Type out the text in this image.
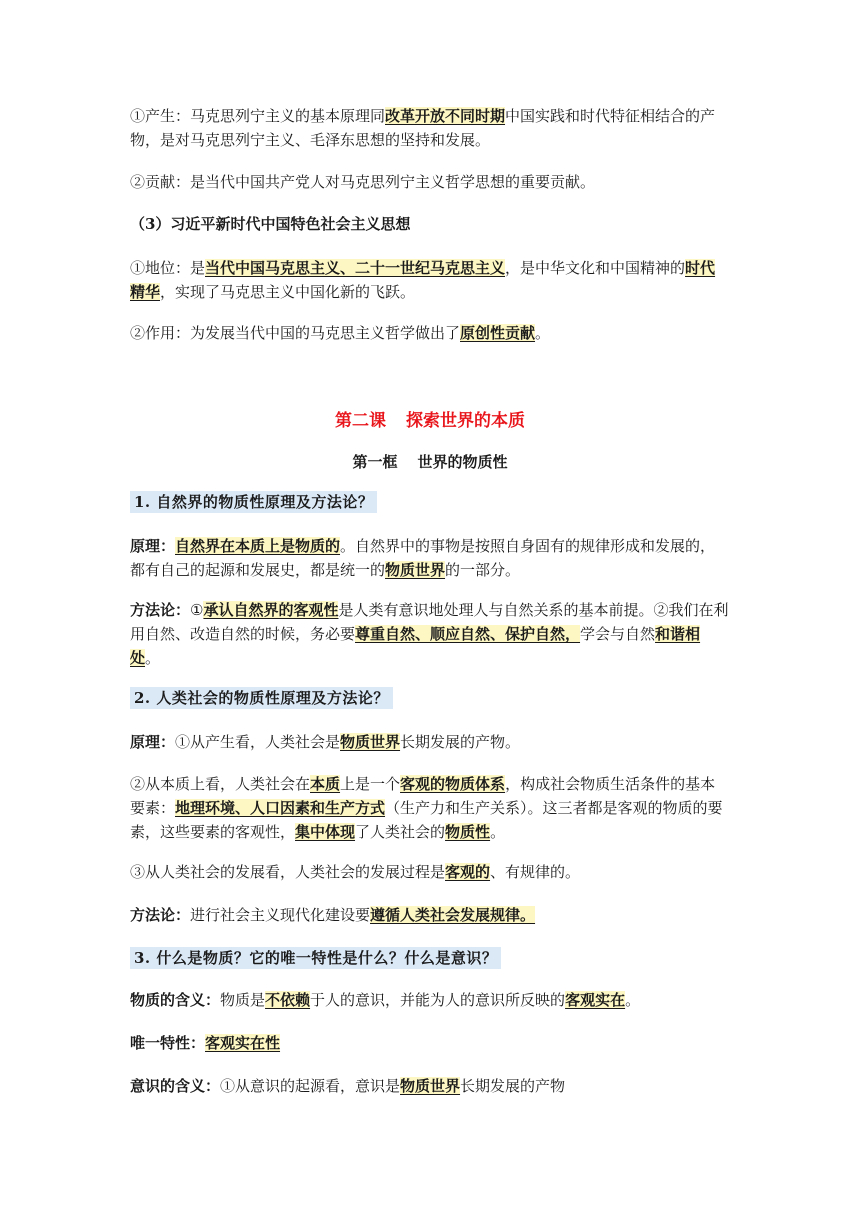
①产生：马克思列宁主义的基本原理同改革开放不同时期中国实践和时代特征相结合的产物，是对马克思列宁主义、毛泽东思想的坚持和发展。

②贡献：是当代中国共产党人对马克思列宁主义哲学思想的重要贡献。

（3）习近平新时代中国特色社会主义思想

①地位：是当代中国马克思主义、二十一世纪马克思主义，是中华文化和中国精神的时代精华，实现了马克思主义中国化新的飞跃。

②作用：为发展当代中国的马克思主义哲学做出了原创性贡献。

第二课 探索世界的本质
第一框 世界的物质性
1. 自然界的物质性原理及方法论？

原理：自然界在本质上是物质的。自然界中的事物是按照自身固有的规律形成和发展的，都有自己的起源和发展史，都是统一的物质世界的一部分。

方法论：①承认自然界的客观性是人类有意识地处理人与自然关系的基本前提。②我们在利用自然、改造自然的时候，务必要尊重自然、顺应自然、保护自然，学会与自然和谐相处。

2. 人类社会的物质性原理及方法论？

原理：①从产生看，人类社会是物质世界长期发展的产物。

②从本质上看，人类社会在本质上是一个客观的物质体系，构成社会物质生活条件的基本要素：地理环境、人口因素和生产方式（生产力和生产关系）。这三者都是客观的物质的要素，这些要素的客观性，集中体现了人类社会的物质性。

③从人类社会的发展看，人类社会的发展过程是客观的、有规律的。

方法论：进行社会主义现代化建设要遵循人类社会发展规律。

3. 什么是物质？它的唯一特性是什么？什么是意识？

物质的含义：物质是不依赖于人的意识，并能为人的意识所反映的客观实在。

唯一特性：客观实在性

意识的含义：①从意识的起源看，意识是物质世界长期发展的产物
